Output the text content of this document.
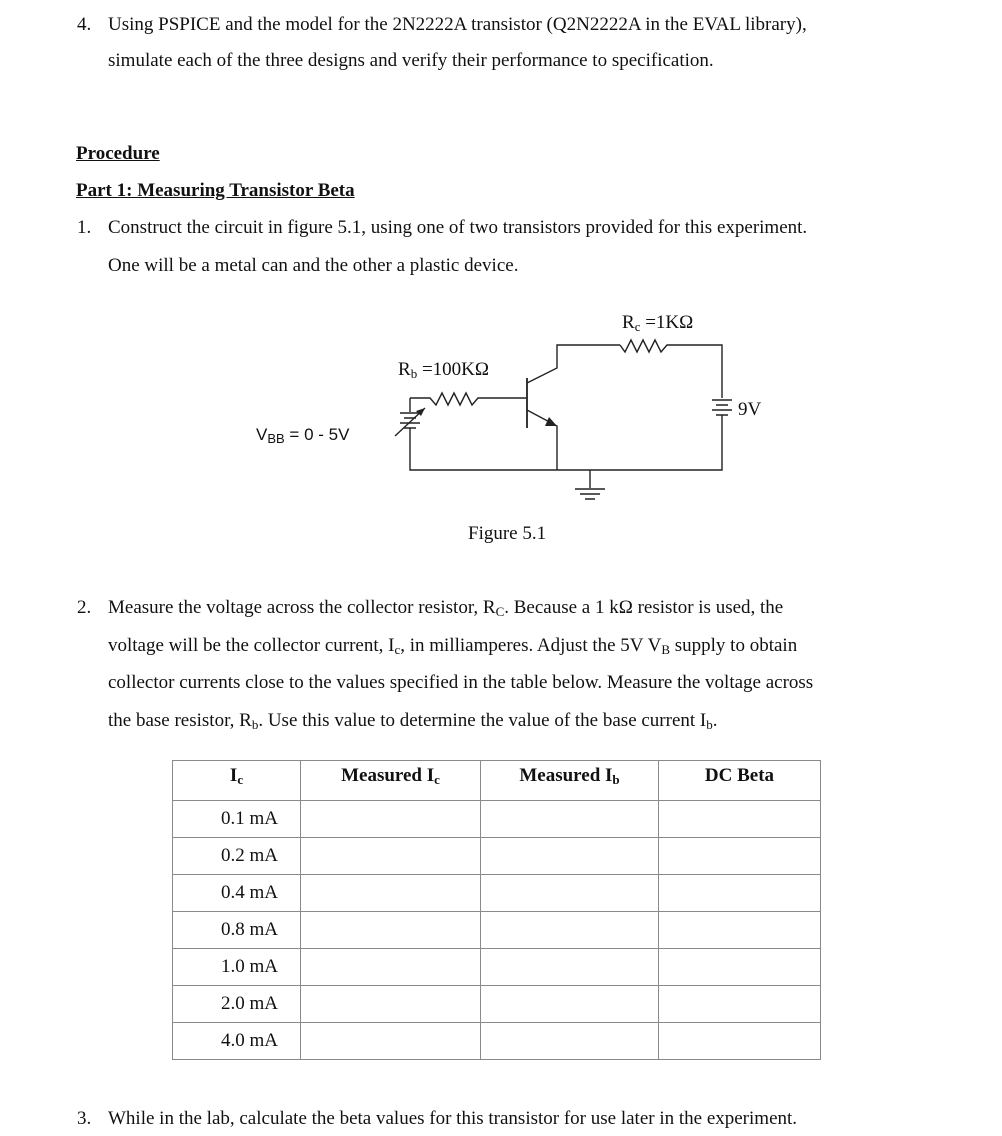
4. Using PSPICE and the model for the 2N2222A transistor (Q2N2222A in the EVAL library),
simulate each of the three designs and verify their performance to specification.
Procedure
Part 1: Measuring Transistor Beta
1. Construct the circuit in figure 5.1, using one of two transistors provided for this experiment.
One will be a metal can and the other a plastic device.
$R_c =1K\Omega$
$R_b =100K\Omega$
$V_{BB} = 0 - 5V$
9V
Figure 5.1
2. Measure the voltage across the collector resistor, $R_C$. Because a 1 kΩ resistor is used, the
voltage will be the collector current, $I_c$, in milliamperes. Adjust the 5V $V_B$ supply to obtain
collector currents close to the values specified in the table below. Measure the voltage across
the base resistor, $R_b$. Use this value to determine the value of the base current $I_b$.
$I_c$	Measured $I_c$	Measured $I_b$	DC Beta
0.1 mA			
0.2 mA			
0.4 mA			
0.8 mA			
1.0 mA			
2.0 mA			
4.0 mA			
3. While in the lab, calculate the beta values for this transistor for use later in the experiment.
